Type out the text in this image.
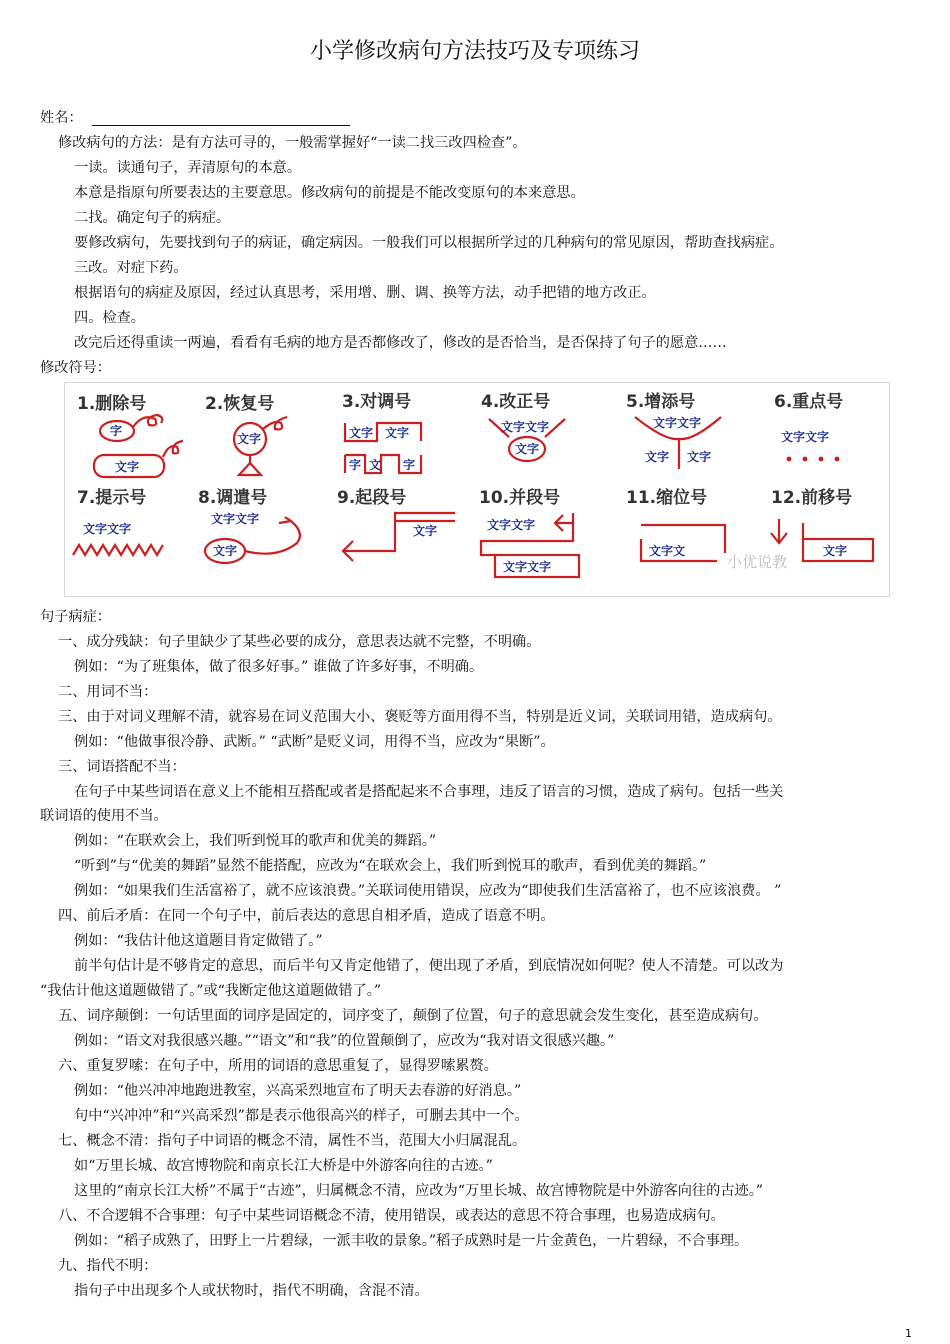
小学修改病句方法技巧及专项练习
姓名：
修改病句的方法：是有方法可寻的，一般需掌握好“一读二找三改四检查”。
一读。读通句子，弄清原句的本意。
本意是指原句所要表达的主要意思。修改病句的前提是不能改变原句的本来意思。
二找。确定句子的病症。
要修改病句，先要找到句子的病证，确定病因。一般我们可以根据所学过的几种病句的常见原因，帮助查找病症。
三改。对症下药。
根据语句的病症及原因，经过认真思考，采用增、删、调、换等方法，动手把错的地方改正。
四。检查。
改完后还得重读一两遍，看看有毛病的地方是否都修改了，修改的是否恰当，是否保持了句子的愿意……
修改符号：
1.删除号	2.恢复号	3.对调号	4.改正号	5.增添号	6.重点号
7.提示号	8.调遣号	9.起段号	10.并段号	11.缩位号	12.前移号
字
文字
文字	文字 文字
字 文 字
文字文字
文字
文字文字
文字 文字
文字文字
文字文字
文字文字
文字
文字	文字文字
文字文字
文字文
小优说教
文字
句子病症：
一、成分残缺：句子里缺少了某些必要的成分，意思表达就不完整，不明确。
例如：“为了班集体，做了很多好事。” 谁做了许多好事，不明确。
二、用词不当：
三、由于对词义理解不清，就容易在词义范围大小、褒贬等方面用得不当，特别是近义词，关联词用错，造成病句。
例如：“他做事很冷静、武断。” “武断”是贬义词，用得不当，应改为“果断”。
三、词语搭配不当：
在句子中某些词语在意义上不能相互搭配或者是搭配起来不合事理，违反了语言的习惯，造成了病句。包括一些关
联词语的使用不当。
例如：“在联欢会上，我们听到悦耳的歌声和优美的舞蹈。”
“听到”与“优美的舞蹈”显然不能搭配，应改为“在联欢会上，我们听到悦耳的歌声，看到优美的舞蹈。”
例如：“如果我们生活富裕了，就不应该浪费。”关联词使用错误，应改为“即使我们生活富裕了，也不应该浪费。 ”
四、前后矛盾：在同一个句子中，前后表达的意思自相矛盾，造成了语意不明。
例如：“我估计他这道题目肯定做错了。”
前半句估计是不够肯定的意思，而后半句又肯定他错了，便出现了矛盾，到底情况如何呢？使人不清楚。可以改为
“我估计他这道题做错了。”或“我断定他这道题做错了。”
五、词序颠倒：一句话里面的词序是固定的，词序变了，颠倒了位置，句子的意思就会发生变化，甚至造成病句。
例如：“语文对我很感兴趣。”“语文”和“我”的位置颠倒了，应改为“我对语文很感兴趣。”
六、重复罗嗦：在句子中，所用的词语的意思重复了，显得罗嗦累赘。
例如：“他兴冲冲地跑进教室，兴高采烈地宣布了明天去春游的好消息。”
句中“兴冲冲”和“兴高采烈”都是表示他很高兴的样子，可删去其中一个。
七、概念不清：指句子中词语的概念不清，属性不当，范围大小归属混乱。
如“万里长城、故宫博物院和南京长江大桥是中外游客向往的古迹。”
这里的“南京长江大桥”不属于“古迹”，归属概念不清，应改为“万里长城、故宫博物院是中外游客向往的古迹。”
八、不合逻辑不合事理：句子中某些词语概念不清，使用错误，或表达的意思不符合事理，也易造成病句。
例如：“稻子成熟了，田野上一片碧绿，一派丰收的景象。”稻子成熟时是一片金黄色，一片碧绿，不合事理。
九、指代不明：
指句子中出现多个人或状物时，指代不明确，含混不清。
1
